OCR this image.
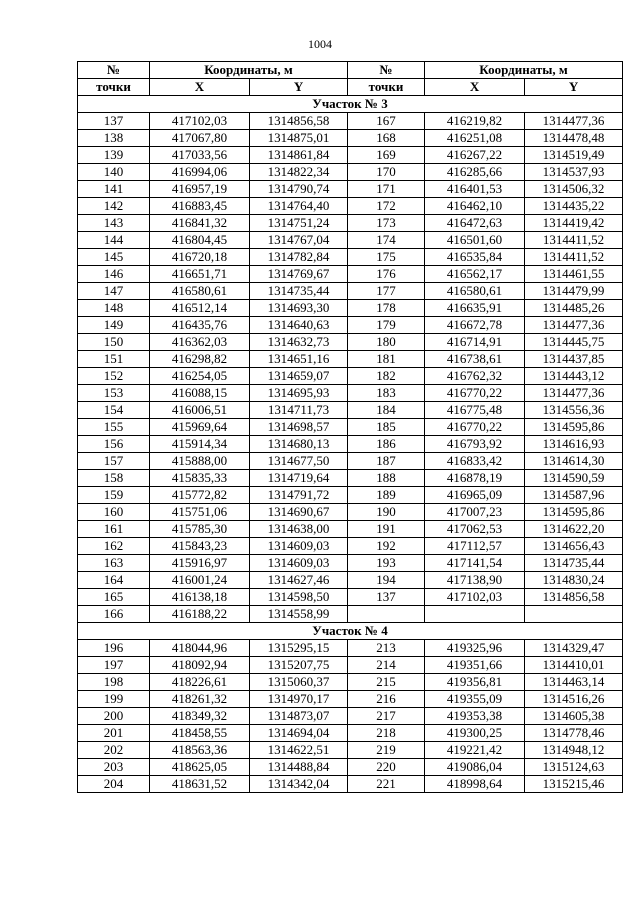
1004
№	Координаты, м		№	Координаты, м	
точки	X	Y	точки	X	Y
Участок № 3					
137	417102,03	1314856,58	167	416219,82	1314477,36
138	417067,80	1314875,01	168	416251,08	1314478,48
139	417033,56	1314861,84	169	416267,22	1314519,49
140	416994,06	1314822,34	170	416285,66	1314537,93
141	416957,19	1314790,74	171	416401,53	1314506,32
142	416883,45	1314764,40	172	416462,10	1314435,22
143	416841,32	1314751,24	173	416472,63	1314419,42
144	416804,45	1314767,04	174	416501,60	1314411,52
145	416720,18	1314782,84	175	416535,84	1314411,52
146	416651,71	1314769,67	176	416562,17	1314461,55
147	416580,61	1314735,44	177	416580,61	1314479,99
148	416512,14	1314693,30	178	416635,91	1314485,26
149	416435,76	1314640,63	179	416672,78	1314477,36
150	416362,03	1314632,73	180	416714,91	1314445,75
151	416298,82	1314651,16	181	416738,61	1314437,85
152	416254,05	1314659,07	182	416762,32	1314443,12
153	416088,15	1314695,93	183	416770,22	1314477,36
154	416006,51	1314711,73	184	416775,48	1314556,36
155	415969,64	1314698,57	185	416770,22	1314595,86
156	415914,34	1314680,13	186	416793,92	1314616,93
157	415888,00	1314677,50	187	416833,42	1314614,30
158	415835,33	1314719,64	188	416878,19	1314590,59
159	415772,82	1314791,72	189	416965,09	1314587,96
160	415751,06	1314690,67	190	417007,23	1314595,86
161	415785,30	1314638,00	191	417062,53	1314622,20
162	415843,23	1314609,03	192	417112,57	1314656,43
163	415916,97	1314609,03	193	417141,54	1314735,44
164	416001,24	1314627,46	194	417138,90	1314830,24
165	416138,18	1314598,50	137	417102,03	1314856,58
166	416188,22	1314558,99			
Участок № 4					
196	418044,96	1315295,15	213	419325,96	1314329,47
197	418092,94	1315207,75	214	419351,66	1314410,01
198	418226,61	1315060,37	215	419356,81	1314463,14
199	418261,32	1314970,17	216	419355,09	1314516,26
200	418349,32	1314873,07	217	419353,38	1314605,38
201	418458,55	1314694,04	218	419300,25	1314778,46
202	418563,36	1314622,51	219	419221,42	1314948,12
203	418625,05	1314488,84	220	419086,04	1315124,63
204	418631,52	1314342,04	221	418998,64	1315215,46
